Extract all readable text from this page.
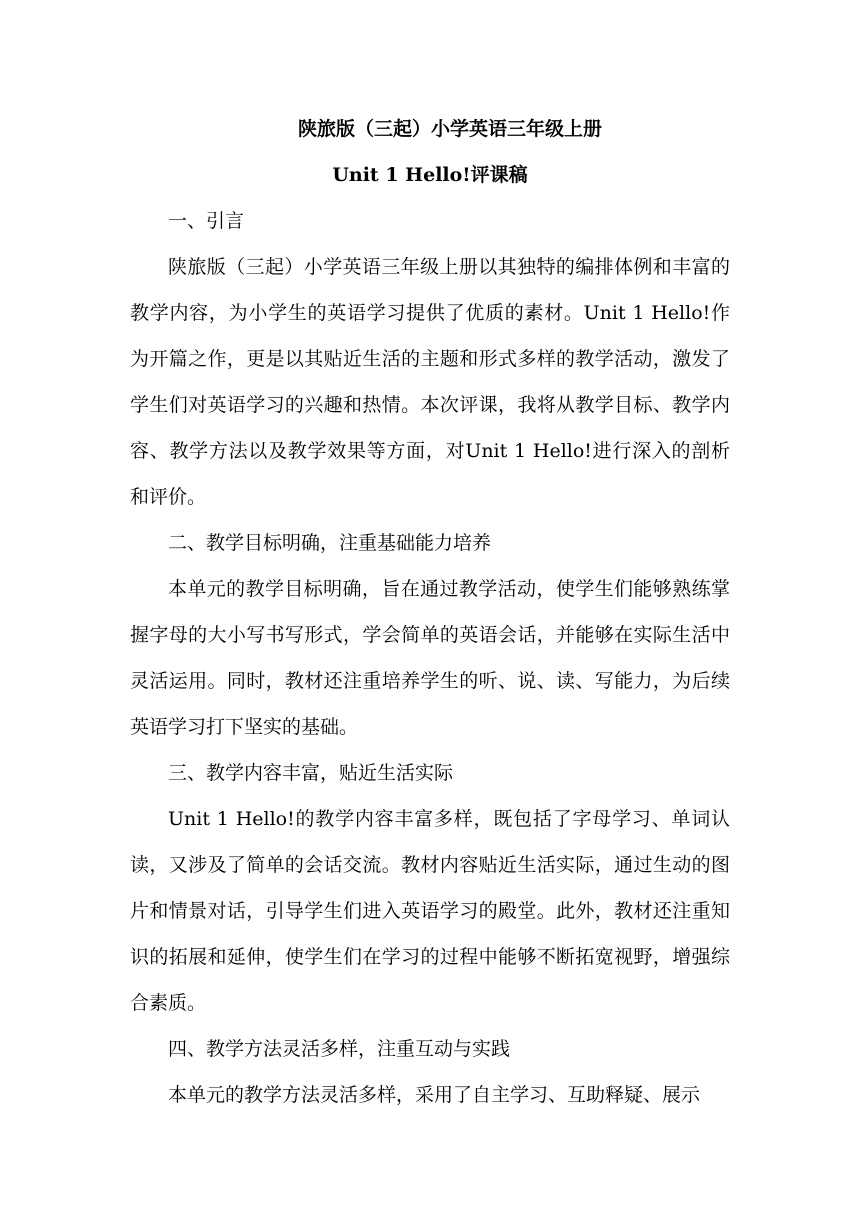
陕旅版（三起）小学英语三年级上册

Unit 1 Hello!评课稿

一、引言

陕旅版（三起）小学英语三年级上册以其独特的编排体例和丰富的教学内容，为小学生的英语学习提供了优质的素材。Unit 1 Hello!作为开篇之作，更是以其贴近生活的主题和形式多样的教学活动，激发了学生们对英语学习的兴趣和热情。本次评课，我将从教学目标、教学内容、教学方法以及教学效果等方面，对Unit 1 Hello!进行深入的剖析和评价。

二、教学目标明确，注重基础能力培养

本单元的教学目标明确，旨在通过教学活动，使学生们能够熟练掌握字母的大小写书写形式，学会简单的英语会话，并能够在实际生活中灵活运用。同时，教材还注重培养学生的听、说、读、写能力，为后续英语学习打下坚实的基础。

三、教学内容丰富，贴近生活实际

Unit 1 Hello!的教学内容丰富多样，既包括了字母学习、单词认读，又涉及了简单的会话交流。教材内容贴近生活实际，通过生动的图片和情景对话，引导学生们进入英语学习的殿堂。此外，教材还注重知识的拓展和延伸，使学生们在学习的过程中能够不断拓宽视野，增强综合素质。

四、教学方法灵活多样，注重互动与实践

本单元的教学方法灵活多样，采用了自主学习、互助释疑、展示
